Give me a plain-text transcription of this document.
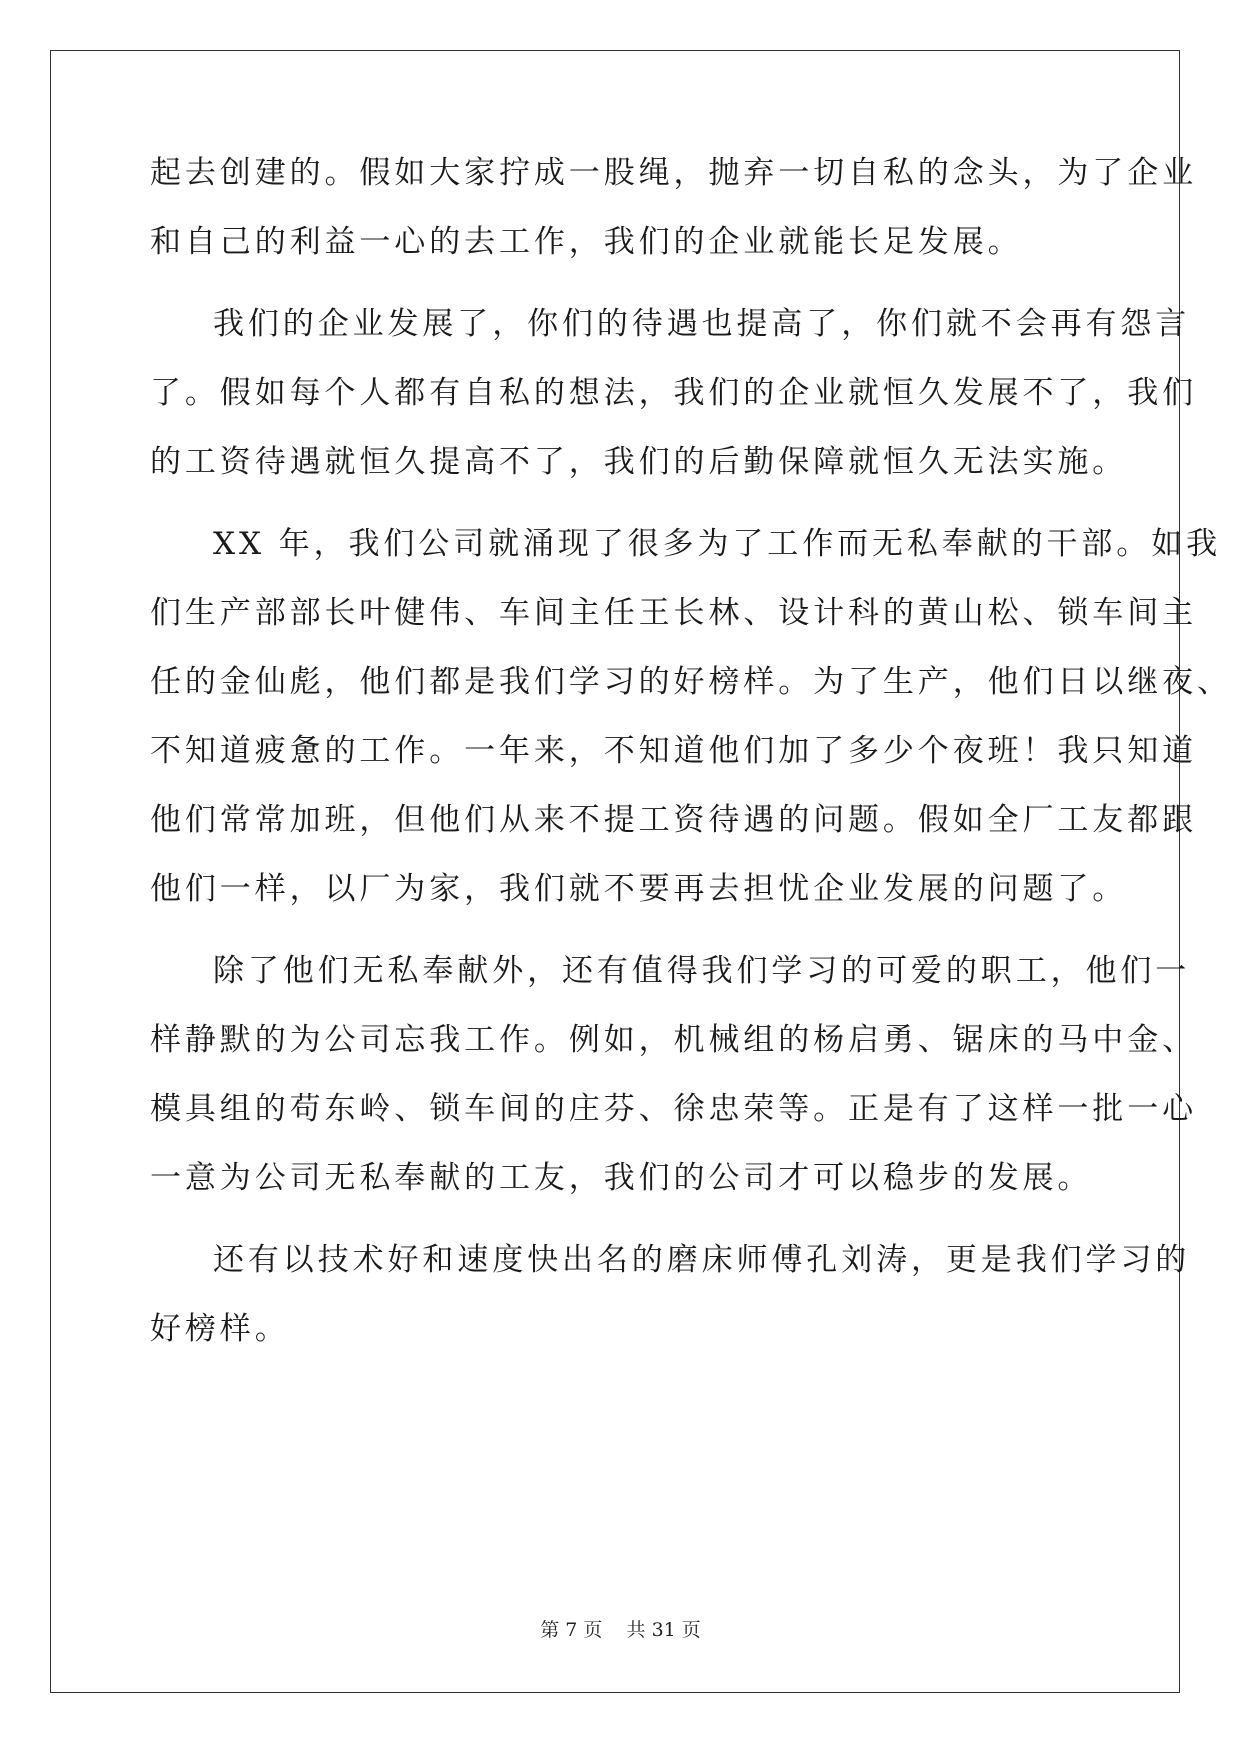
起去创建的。假如大家拧成一股绳，抛弃一切自私的念头，为了企业
和自己的利益一心的去工作，我们的企业就能长足发展。
我们的企业发展了，你们的待遇也提高了，你们就不会再有怨言
了。假如每个人都有自私的想法，我们的企业就恒久发展不了，我们
的工资待遇就恒久提高不了，我们的后勤保障就恒久无法实施。
XX 年，我们公司就涌现了很多为了工作而无私奉献的干部。如我
们生产部部长叶健伟、车间主任王长林、设计科的黄山松、锁车间主
任的金仙彪，他们都是我们学习的好榜样。为了生产，他们日以继夜、
不知道疲惫的工作。一年来，不知道他们加了多少个夜班！我只知道
他们常常加班，但他们从来不提工资待遇的问题。假如全厂工友都跟
他们一样，以厂为家，我们就不要再去担忧企业发展的问题了。
除了他们无私奉献外，还有值得我们学习的可爱的职工，他们一
样静默的为公司忘我工作。例如，机械组的杨启勇、锯床的马中金、
模具组的苟东岭、锁车间的庄芬、徐忠荣等。正是有了这样一批一心
一意为公司无私奉献的工友，我们的公司才可以稳步的发展。
还有以技术好和速度快出名的磨床师傅孔刘涛，更是我们学习的
好榜样。
第 7 页 共 31 页
